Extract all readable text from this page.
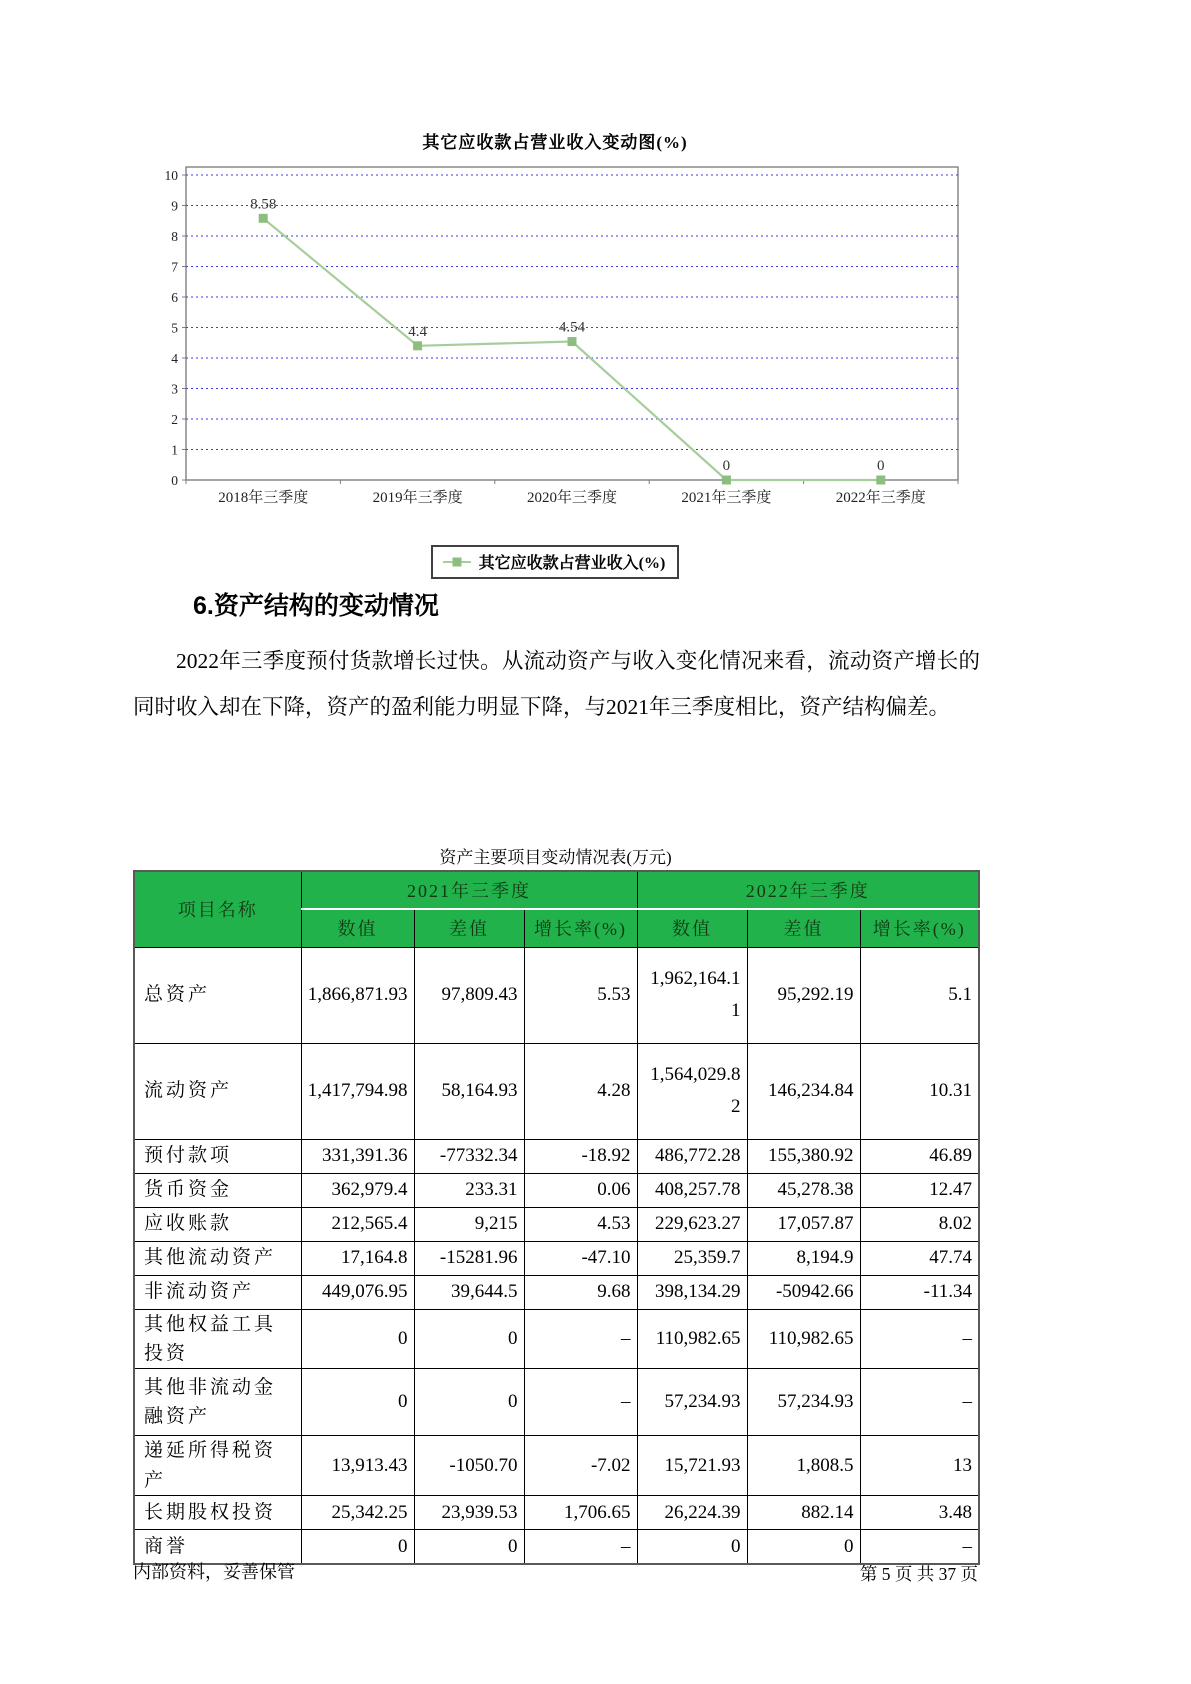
其它应收款占营业收入变动图(%)
0
1
2
3
4
5
6
7
8
9
10
2018年三季度	2019年三季度	2020年三季度	2021年三季度	2022年三季度
8.58
4.4	4.54
0	0
其它应收款占营业收入(%)
6.资产结构的变动情况
2022年三季度预付货款增长过快。从流动资产与收入变化情况来看，流动资产增长的同时收入却在下降，资产的盈利能力明显下降，与2021年三季度相比，资产结构偏差。
资产主要项目变动情况表(万元)
项目名称	2021年三季度			2022年三季度		
	数值	差值	增长率(%)	数值	差值	增长率(%)
总资产	1,866,871.93	97,809.43	5.53	1,962,164.11	95,292.19	5.1
流动资产	1,417,794.98	58,164.93	4.28	1,564,029.82	146,234.84	10.31
预付款项	331,391.36	-77332.34	-18.92	486,772.28	155,380.92	46.89
货币资金	362,979.4	233.31	0.06	408,257.78	45,278.38	12.47
应收账款	212,565.4	9,215	4.53	229,623.27	17,057.87	8.02
其他流动资产	17,164.8	-15281.96	-47.10	25,359.7	8,194.9	47.74
非流动资产	449,076.95	39,644.5	9.68	398,134.29	-50942.66	-11.34
其他权益工具投资	0	0	–	110,982.65	110,982.65	–
其他非流动金融资产	0	0	–	57,234.93	57,234.93	–
递延所得税资产	13,913.43	-1050.70	-7.02	15,721.93	1,808.5	13
长期股权投资	25,342.25	23,939.53	1,706.65	26,224.39	882.14	3.48
商誉	0	0	–	0	0	–
内部资料，妥善保管	第 5 页 共 37 页
